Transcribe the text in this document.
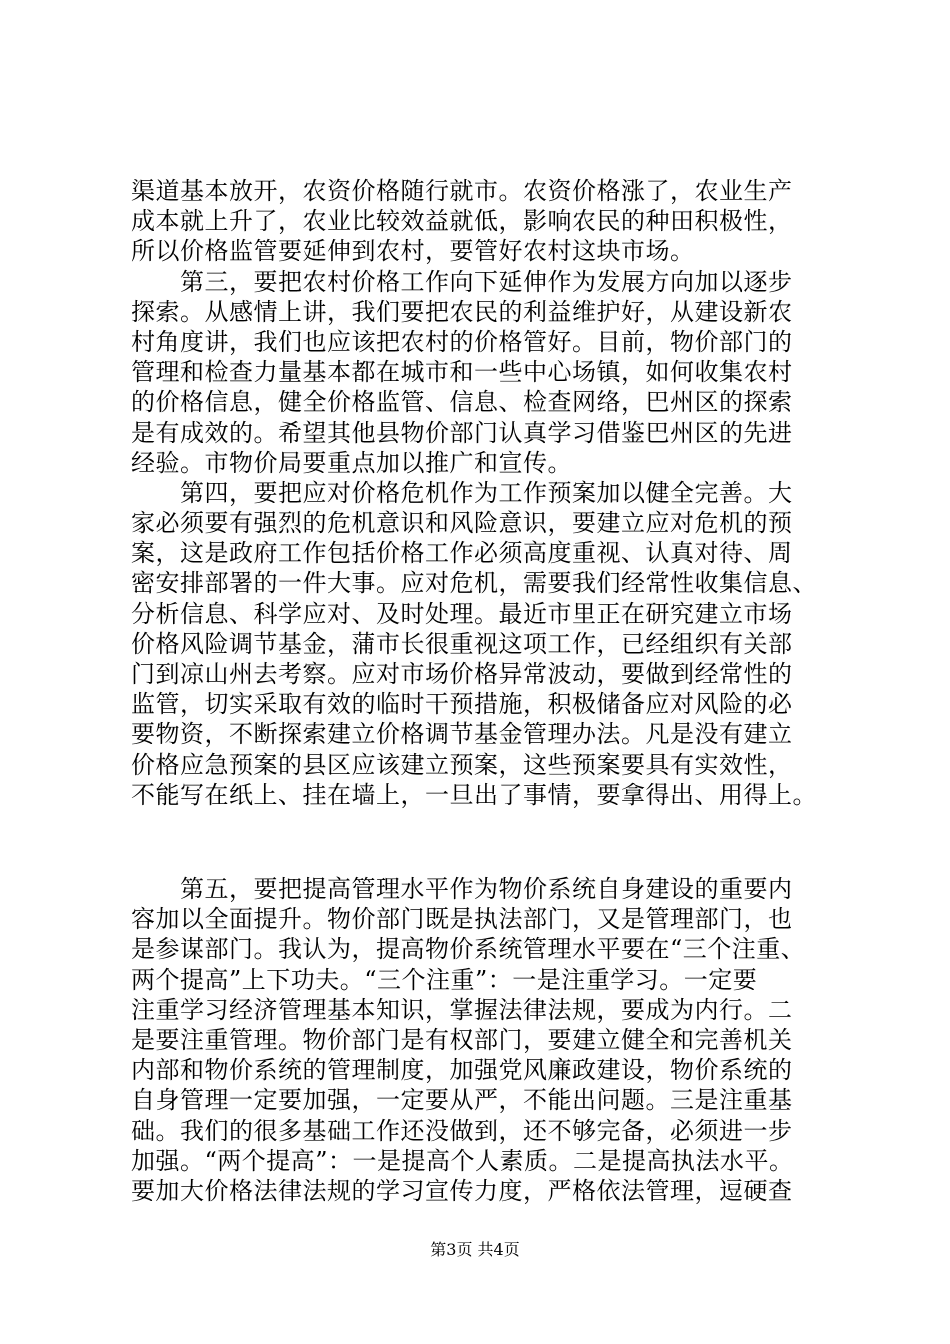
渠道基本放开，农资价格随行就市。农资价格涨了，农业生产
成本就上升了，农业比较效益就低，影响农民的种田积极性，
所以价格监管要延伸到农村，要管好农村这块市场。
　　第三，要把农村价格工作向下延伸作为发展方向加以逐步
探索。从感情上讲，我们要把农民的利益维护好，从建设新农
村角度讲，我们也应该把农村的价格管好。目前，物价部门的
管理和检查力量基本都在城市和一些中心场镇，如何收集农村
的价格信息，健全价格监管、信息、检查网络，巴州区的探索
是有成效的。希望其他县物价部门认真学习借鉴巴州区的先进
经验。市物价局要重点加以推广和宣传。
　　第四，要把应对价格危机作为工作预案加以健全完善。大
家必须要有强烈的危机意识和风险意识，要建立应对危机的预
案，这是政府工作包括价格工作必须高度重视、认真对待、周
密安排部署的一件大事。应对危机，需要我们经常性收集信息、
分析信息、科学应对、及时处理。最近市里正在研究建立市场
价格风险调节基金，蒲市长很重视这项工作，已经组织有关部
门到凉山州去考察。应对市场价格异常波动，要做到经常性的
监管，切实采取有效的临时干预措施，积极储备应对风险的必
要物资，不断探索建立价格调节基金管理办法。凡是没有建立
价格应急预案的县区应该建立预案，这些预案要具有实效性，
不能写在纸上、挂在墙上，一旦出了事情，要拿得出、用得上。
　　第五，要把提高管理水平作为物价系统自身建设的重要内
容加以全面提升。物价部门既是执法部门，又是管理部门，也
是参谋部门。我认为，提高物价系统管理水平要在“三个注重、
两个提高”上下功夫。“三个注重”：一是注重学习。一定要
注重学习经济管理基本知识，掌握法律法规，要成为内行。二
是要注重管理。物价部门是有权部门，要建立健全和完善机关
内部和物价系统的管理制度，加强党风廉政建设，物价系统的
自身管理一定要加强，一定要从严，不能出问题。三是注重基
础。我们的很多基础工作还没做到，还不够完备，必须进一步
加强。“两个提高”：一是提高个人素质。二是提高执法水平。
要加大价格法律法规的学习宣传力度，严格依法管理，逗硬查
第3页 共4页
